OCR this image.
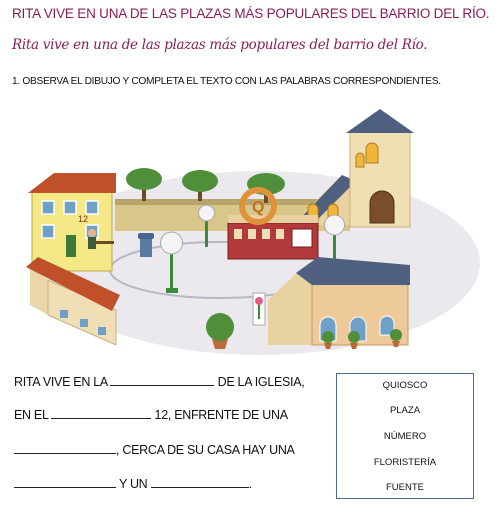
RITA VIVE EN UNA DE LAS PLAZAS MÁS POPULARES DEL BARRIO DEL RÍO.
Rita vive en una de las plazas más populares del barrio del Río.
1. OBSERVA EL DIBUJO Y COMPLETA EL TEXTO CON LAS PALABRAS CORRESPONDIENTES.
12
Q
RITA VIVE EN LA	DE LA IGLESIA,
EN EL	12, ENFRENTE DE UNA
, CERCA DE SU CASA HAY UNA
Y UN	.
QUIOSCO
PLAZA
NÚMERO
FLORISTERÍA
FUENTE
